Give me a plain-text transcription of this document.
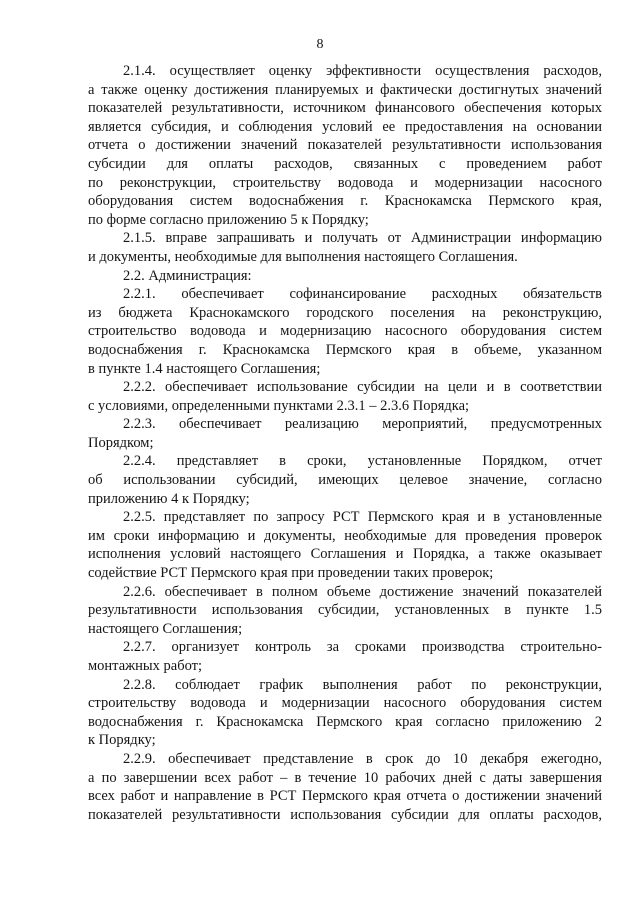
8
2.1.4. осуществляет оценку эффективности осуществления расходов,
а также оценку достижения планируемых и фактически достигнутых значений
показателей результативности, источником финансового обеспечения которых
является субсидия, и соблюдения условий ее предоставления на основании
отчета о достижении значений показателей результативности использования
субсидии для оплаты расходов, связанных с проведением работ
по реконструкции, строительству водовода и модернизации насосного
оборудования систем водоснабжения г. Краснокамска Пермского края,
по форме согласно приложению 5 к Порядку;
2.1.5. вправе запрашивать и получать от Администрации информацию
и документы, необходимые для выполнения настоящего Соглашения.
2.2. Администрация:
2.2.1. обеспечивает софинансирование расходных обязательств
из бюджета Краснокамского городского поселения на реконструкцию,
строительство водовода и модернизацию насосного оборудования систем
водоснабжения г. Краснокамска Пермского края в объеме, указанном
в пункте 1.4 настоящего Соглашения;
2.2.2. обеспечивает использование субсидии на цели и в соответствии
с условиями, определенными пунктами 2.3.1 – 2.3.6 Порядка;
2.2.3. обеспечивает реализацию мероприятий, предусмотренных
Порядком;
2.2.4. представляет в сроки, установленные Порядком, отчет
об использовании субсидий, имеющих целевое значение, согласно
приложению 4 к Порядку;
2.2.5. представляет по запросу РСТ Пермского края и в установленные
им сроки информацию и документы, необходимые для проведения проверок
исполнения условий настоящего Соглашения и Порядка, а также оказывает
содействие РСТ Пермского края при проведении таких проверок;
2.2.6. обеспечивает в полном объеме достижение значений показателей
результативности использования субсидии, установленных в пункте 1.5
настоящего Соглашения;
2.2.7. организует контроль за сроками производства строительно-
монтажных работ;
2.2.8. соблюдает график выполнения работ по реконструкции,
строительству водовода и модернизации насосного оборудования систем
водоснабжения г. Краснокамска Пермского края согласно приложению 2
к Порядку;
2.2.9. обеспечивает представление в срок до 10 декабря ежегодно,
а по завершении всех работ – в течение 10 рабочих дней с даты завершения
всех работ и направление в РСТ Пермского края отчета о достижении значений
показателей результативности использования субсидии для оплаты расходов,
